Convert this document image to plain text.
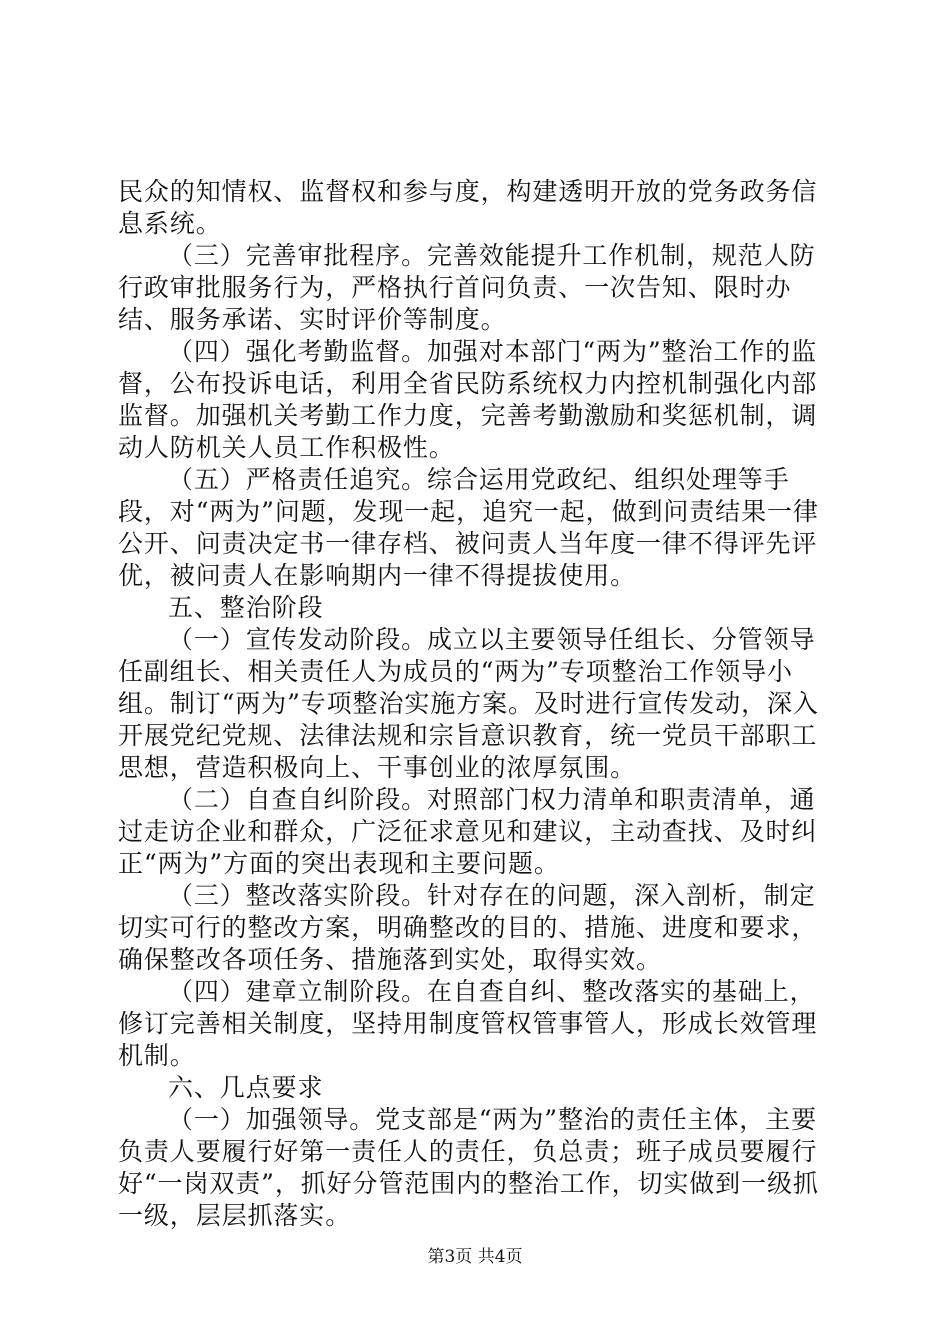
民众的知情权、监督权和参与度，构建透明开放的党务政务信息系统。

（三）完善审批程序。完善效能提升工作机制，规范人防行政审批服务行为，严格执行首问负责、一次告知、限时办结、服务承诺、实时评价等制度。

（四）强化考勤监督。加强对本部门“两为”整治工作的监督，公布投诉电话，利用全省民防系统权力内控机制强化内部监督。加强机关考勤工作力度，完善考勤激励和奖惩机制，调动人防机关人员工作积极性。

（五）严格责任追究。综合运用党政纪、组织处理等手段，对“两为”问题，发现一起，追究一起，做到问责结果一律公开、问责决定书一律存档、被问责人当年度一律不得评先评优，被问责人在影响期内一律不得提拔使用。

五、整治阶段

（一）宣传发动阶段。成立以主要领导任组长、分管领导任副组长、相关责任人为成员的“两为”专项整治工作领导小组。制订“两为”专项整治实施方案。及时进行宣传发动，深入开展党纪党规、法律法规和宗旨意识教育，统一党员干部职工思想，营造积极向上、干事创业的浓厚氛围。

（二）自查自纠阶段。对照部门权力清单和职责清单，通过走访企业和群众，广泛征求意见和建议，主动查找、及时纠正“两为”方面的突出表现和主要问题。

（三）整改落实阶段。针对存在的问题，深入剖析，制定切实可行的整改方案，明确整改的目的、措施、进度和要求，确保整改各项任务、措施落到实处，取得实效。

（四）建章立制阶段。在自查自纠、整改落实的基础上，修订完善相关制度，坚持用制度管权管事管人，形成长效管理机制。

六、几点要求

（一）加强领导。党支部是“两为”整治的责任主体，主要负责人要履行好第一责任人的责任，负总责；班子成员要履行好“一岗双责”，抓好分管范围内的整治工作，切实做到一级抓一级，层层抓落实。

第3页 共4页
